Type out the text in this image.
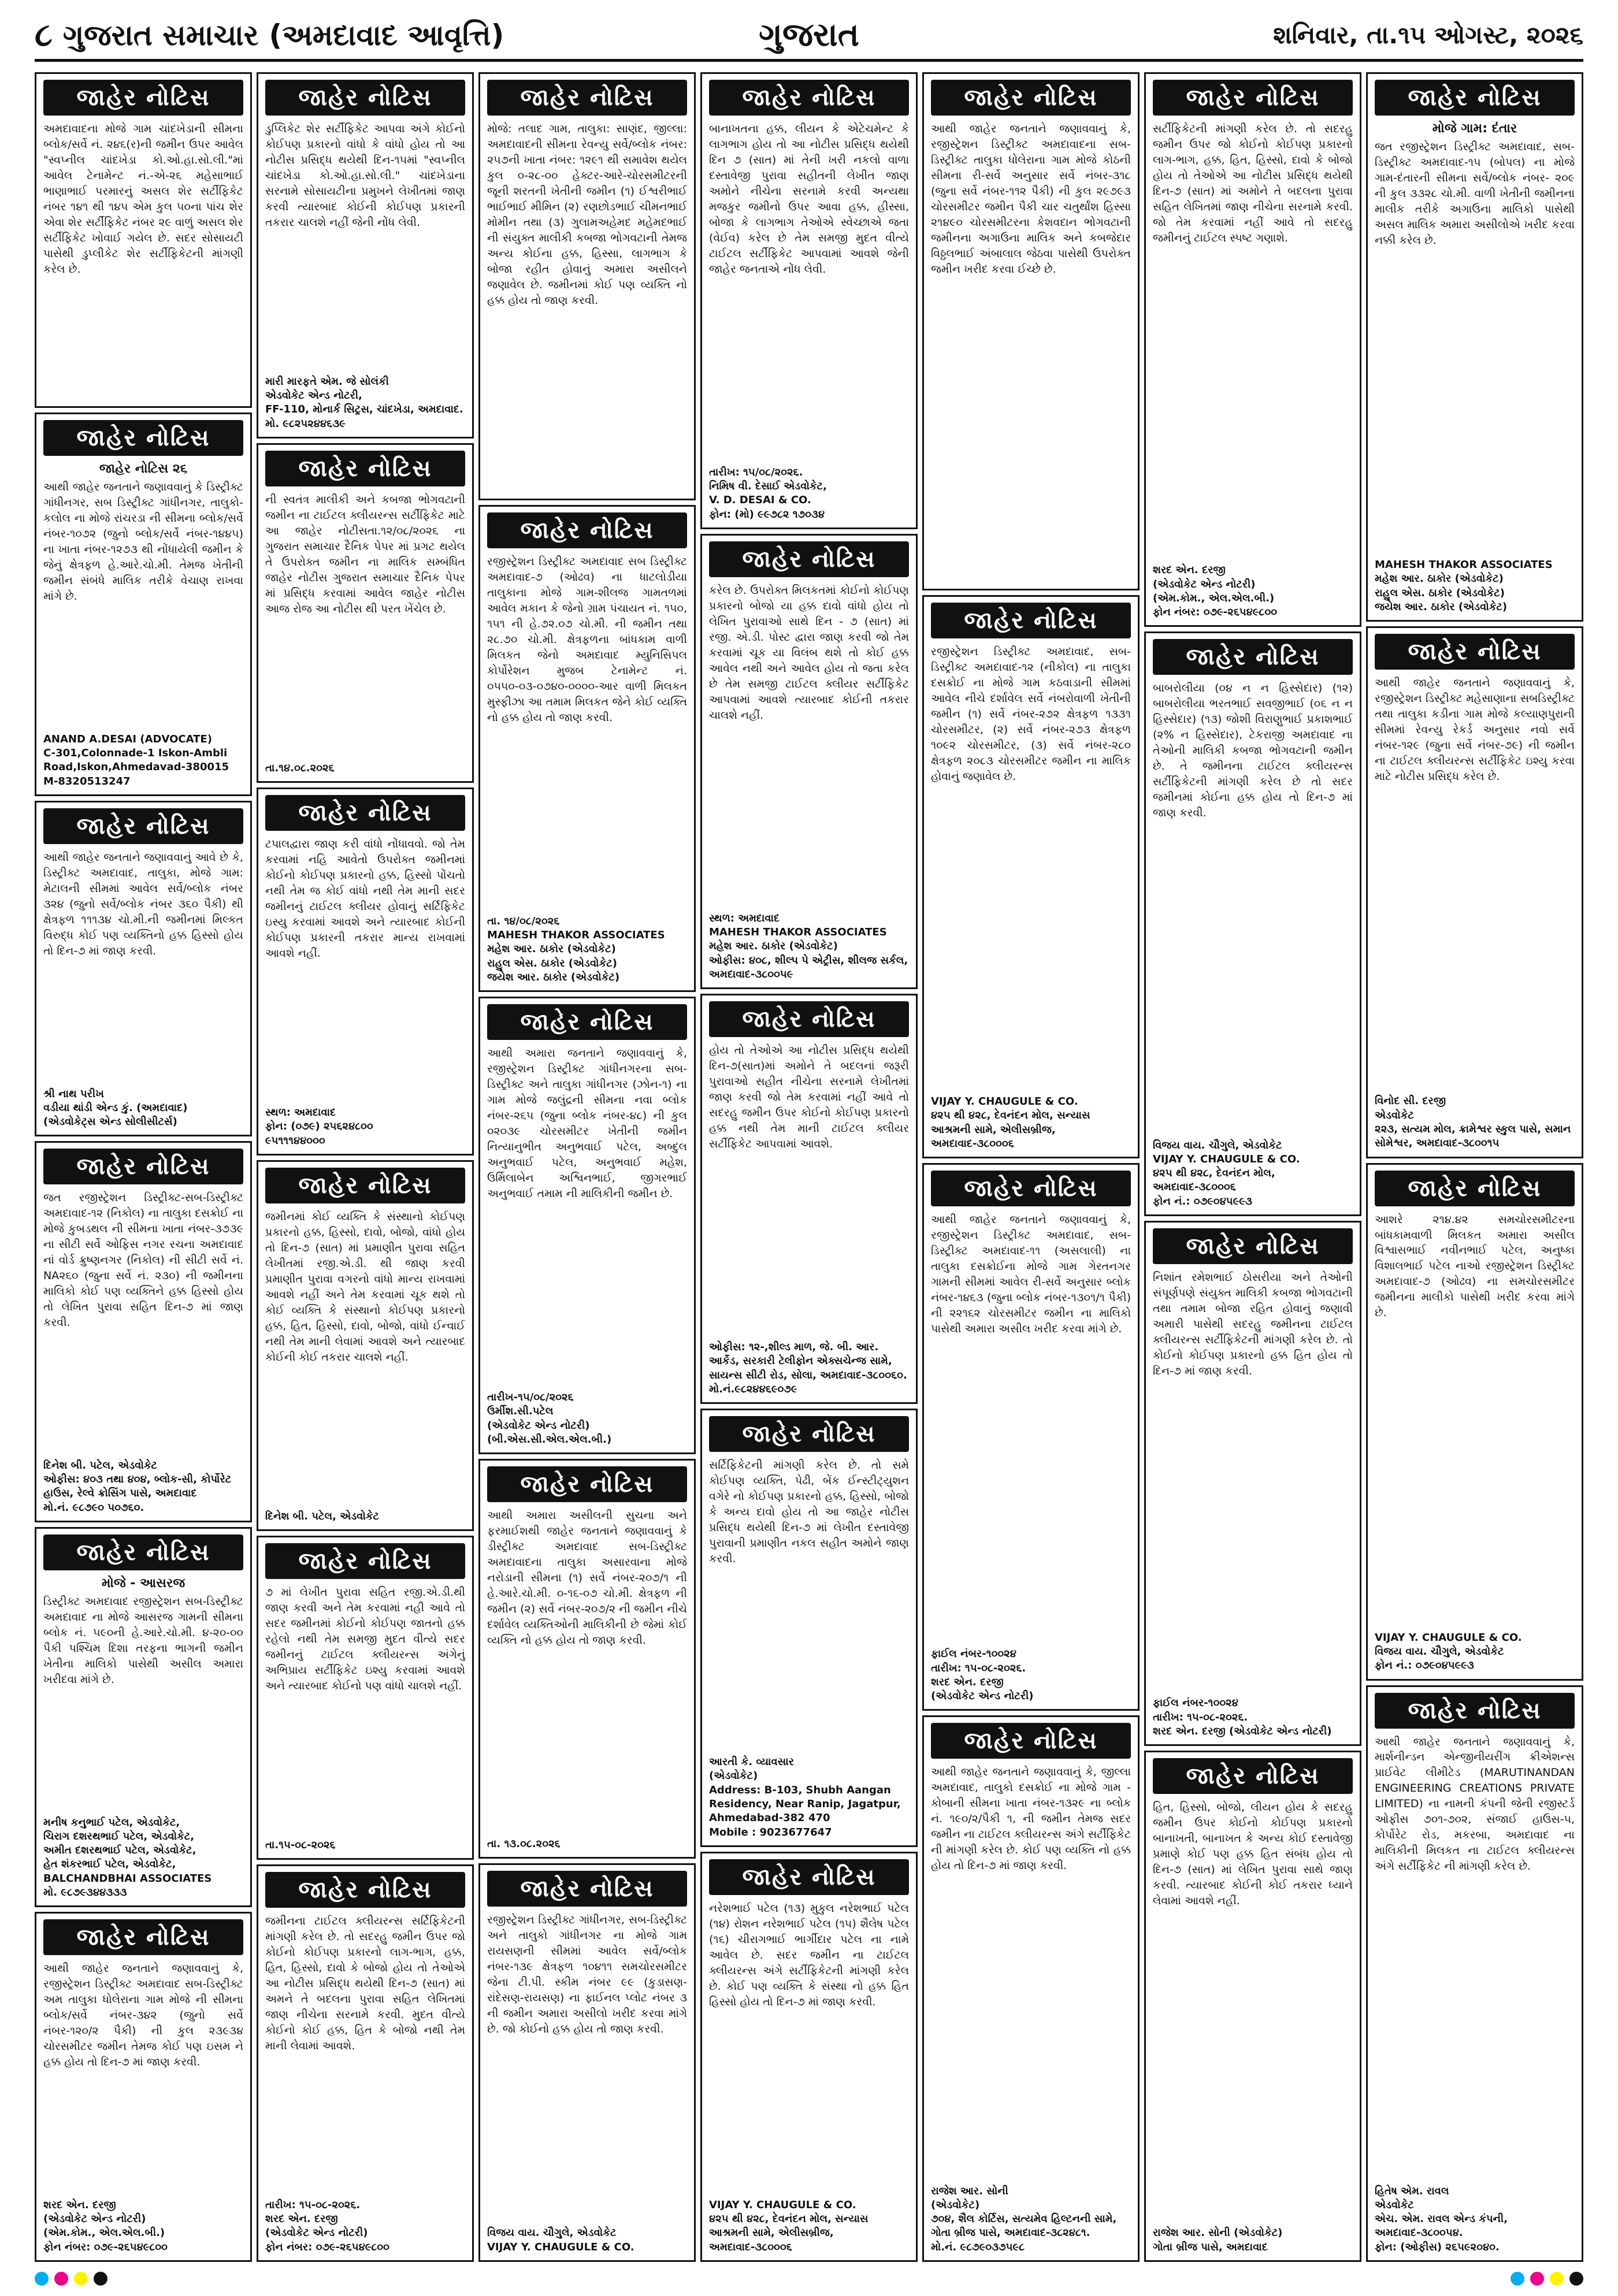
૮ ગુજરાત સમાચાર (અમદાવાદ આવૃત્તિ)	ગુજરાત	શનિવાર, તા.૧૫ ઓગસ્ટ, ૨૦૨૬
જાહેર નોટિસ
અમદાવાદના મોજે ગામ ચાંદખેડાની સીમના બ્લોક/સર્વે નં. ૨૪૬(ર)ની જમીન ઉપર આવેલ "સ્વપ્નીલ ચાંદખેડા કો.ઓ.હા.સો.લી."માં આવેલ ટેનામેન્ટ નં.-એ-૨૬ મહેસાભાઈ ભાણાભાઈ પરમારનું અસલ શેર સર્ટીફિકેટ નંબર ૧૪૧ થી ૧૪૫ એમ કુલ ૫૦ના પાંચ શેર એવા શેર સર્ટીફિકેટ નંબર ૨૯ વાળું અસલ શેર સર્ટીફિકેટ ખોવાઈ ગયેલ છે. સદર સોસાયટી પાસેથી ડુપ્લીકેટ શેર સર્ટીફિકેટની માંગણી કરેલ છે.
જાહેર નોટિસ
જાહેર નોટિસ ૨૬
આથી જાહેર જનતાને જણાવવાનું કે ડિસ્ટ્રીક્ટ ગાંધીનગર, સબ ડિસ્ટ્રીક્ટ ગાંધીનગર, તાલુકો-કલોલ ના મોજે રાંચરડા ની સીમના બ્લોક/સર્વે નંબર-૧૦૭૨ (જુનો બ્લોક/સર્વે નંબર-૧૪૪૫) ના ખાતા નંબર-૧૨૭૩ થી નોંધાયેલી જમીન કે જેનું ક્ષેત્રફળ હે.આરે.ચો.મી. તેમજ ખેતીની જમીન સંબંધે માલિક તરીકે વેચાણ રાખવા માંગે છે.
ANAND A.DESAI (ADVOCATE)
C-301,Colonnade-1 Iskon-Ambli Road,Iskon,Ahmedavad-380015
M-8320513247
જાહેર નોટિસ
આથી જાહેર જનતાને જણાવવાનું આવે છે કે, ડિસ્ટ્રીક્ટ અમદાવાદ, તાલુકા, મોજે ગામ: મેટાલની સીમમાં આવેલ સર્વે/બ્લોક નંબર ૩૨૪ (જુનો સર્વે/બ્લોક નંબર ૩૬૦ પૈકી) થી ક્ષેત્રફળ ૧૧૧૩૪ ચો.મી.ની જમીનમાં મિલ્કત વિરુદ્ધ કોઈ પણ વ્યક્તિનો હક્ક હિસ્સો હોય તો દિન-૭ માં જાણ કરવી.
શ્રી નાથ પરીખ
વડીયા થાંડી એન્ડ કું. (અમદાવાદ)
(એડવોકેટ્સ એન્ડ સોલીસીટર્સ)
જાહેર નોટિસ
જત રજીસ્ટ્રેશન ડિસ્ટ્રીક્ટ-સબ-ડિસ્ટ્રીક્ટ અમદાવાદ-૧૨ (નિકોલ) ના તાલુકા દસક્રોઈ ના મોજે કુબડથલ ની સીમના ખાતા નંબર-૩૭૩૯ ના સીટી સર્વે ઓફિસ નગર રચના અમદાવાદ નાં વોર્ડ ક્રુષ્ણનગર (નિકોલ) ની સીટી સર્વે નં. NA૨૬૦ (જુના સર્વે નં. ૨૩૦) ની જમીનના માલિકો કોઈ પણ વ્યક્તિને હક્ક હિસ્સો હોય તો લેખિત પુરાવા સહિત દિન-૭ માં જાણ કરવી.
દિનેશ બી. પટેલ, એડવોકેટ
ઓફીસ: ૪૦૩ તથા ૪૦૪, બ્લોક-સી, કોર્પોરેટ હાઉસ, રેલ્વે ક્રોસિંગ પાસે, અમદાવાદ
મો.નં. ૯૮૭૯૦ ૫૦૭૬૦.
જાહેર નોટિસ
મોજે - આસરજ
ડિસ્ટ્રીક્ટ અમદાવાદ રજીસ્ટ્રેશન સબ-ડિસ્ટ્રીક્ટ અમદાવાદ ના મોજે આસરજ ગામની સીમના બ્લોક નં. ૫૯૦ની હે.આરે.ચો.મી. ૪-૨૦-૦૦ પૈકી પશ્ચિમ દિશા તરફના ભાગની જમીન ખેતીના માલિકો પાસેથી અસીલ અમારા ખરીદવા માંગે છે.
મનીષ કનુભાઈ પટેલ, એડવોકેટ,
ચિરાગ દશરથભાઈ પટેલ, એડવોકેટ,
અમીત દશરથભાઈ પટેલ, એડવોકેટ,
હેત શંકરભાઈ પટેલ, એડવોકેટ,
BALCHANDBHAI ASSOCIATES
મો. ૯૮૭૯૩૪૪૩૩૩
જાહેર નોટિસ
આથી જાહેર જનતાને જણાવવાનું કે, રજીસ્ટ્રેશન ડિસ્ટ્રીક્ટ અમદાવાદ સબ-ડિસ્ટ્રીક્ટ અમ તાલુકા ધોલેરાના ગામ મોજે ની સીમના બ્લોક/સર્વે નંબર-૩૪૨ (જુનો સર્વે નંબર-૧૨૦/૨ પૈકી) ની કુલ ૨૩૯૩૪ ચોરસમીટર જમીન તેમજ કોઈ પણ ઇસમ ને હક્ક હોય તો દિન-૭ માં જાણ કરવી.
શરદ એન. દરજી
(એડવોકેટ એન્ડ નોટરી)
(એમ.કોમ., એલ.એલ.બી.)
ફોન નંબર: ૦૭૯-૨૬૫૪૯૮૦૦
જાહેર નોટિસ
ડુપ્લિકેટ શેર સર્ટીફિકેટ આપવા અંગે કોઈનો કોઈપણ પ્રકારનો વાંધો કે વાંધો હોય તો આ નોટીસ પ્રસિદ્ધ થયેથી દિન-૧૫માં "સ્વપ્નીલ ચાંદખેડા કો.ઓ.હા.સો.લી." ચાંદખેડાના સરનામે સોસાયટીના પ્રમુખને લેખીતમાં જાણ કરવી ત્યારબાદ કોઈની કોઈપણ પ્રકારની તકરાર ચાલશે નહીં જેની નોંધ લેવી.
મારી મારફતે એમ. જે સોલંકી
એડવોકેટ એન્ડ નોટરી,
FF-110, મોનાર્ક સિટ્રસ, ચાંદખેડા, અમદાવાદ. મો. ૯૮૨૫૨૪૪૬૩૯
જાહેર નોટિસ
ની સ્વતંત્ર માલીકી અને કબજા ભોગવટાની જમીન ના ટાઈટલ ક્લીયરન્સ સર્ટીફિકેટ માટે આ જાહેર નોટીસતા.૧૨/૦૮/૨૦૨૬ ના ગુજરાત સમાચાર દૈનિક પેપર માં પ્રગટ થયેલ તે ઉપરોક્ત જમીન ના માલિક સમ્બંધિત જાહેર નોટીસ ગુજરાત સમાચાર દૈનિક પેપર માં પ્રસિદ્ધ કરવામાં આવેલ જાહેર નોટીસ આજ રોજ આ નોટીસ થી પરત ખેંચેલ છે.
તા.૧૪.૦૮.૨૦૨૬
જાહેર નોટિસ
ટપાલદ્વારા જાણ કરી વાંધો નોંધાવવો. જો તેમ કરવામાં નહિ આવેતો ઉપરોક્ત જમીનમાં કોઈનો કોઈપણ પ્રકારનો હક્ક, હિસ્સો પોંચતો નથી તેમ જ કોઈ વાંધો નથી તેમ માની સદર જમીનનું ટાઈટલ ક્લીયર હોવાનું સર્ટિફિકેટ ઇસ્યુ કરવામાં આવશે અને ત્યારબાદ કોઈની કોઈપણ પ્રકારની તકરાર માન્ય રાખવામાં આવશે નહીં.
સ્થળ: અમદાવાદ
ફોન: (૦૭૯) ૨૫૬૨૪૮૦૦
૯૫૧૧૧૪૪૦૦૦
જાહેર નોટિસ
જમીનમાં કોઈ વ્યક્તિ કે સંસ્થાનો કોઈપણ પ્રકારનો હક્ક, હિસ્સો, દાવો, બોજો, વાંધો હોય તો દિન-૭ (સાત) માં પ્રમાણીત પુરાવા સહિત લેખીતમાં રજી.એ.ડી. થી જાણ કરવી પ્રમાણીત પુરાવા વગરનો વાંધો માન્ય રાખવામાં આવશે નહીં અને તેમ કરવામાં ચૂક થશે તો કોઈ વ્યક્તિ કે સંસ્થાનો કોઈપણ પ્રકારનો હક્ક, હિત, હિસ્સો, દાવો, બોજો, વાંધો ઈન્વાઈ નથી તેમ માની લેવામાં આવશે અને ત્યારબાદ કોઈની કોઈ તકરાર ચાલશે નહીં.
દિનેશ બી. પટેલ, એડવોકેટ
જાહેર નોટિસ
૭ માં લેખીત પુરાવા સહિત રજી.એ.ડી.થી જાણ કરવી અને તેમ કરવામાં નહી આવે તો સદર જમીનમાં કોઈનો કોઈપણ જાતનો હક્ક રહેલો નથી તેમ સમજી મુદત વીત્યે સદર જમીનનું ટાઈટલ ક્લીયરન્સ અંગેનું અભિપ્રાય સર્ટીફિકેટ ઇશ્યુ કરવામાં આવશે અને ત્યારબાદ કોઈનો પણ વાંધો ચાલશે નહીં.
તા.૧૫-૦૮-૨૦૨૬
જાહેર નોટિસ
જમીનના ટાઈટલ ક્લીયરન્સ સર્ટિફિકેટની માંગણી કરેલ છે. તો સદરહુ જમીન ઉપર જો કોઈનો કોઈપણ પ્રકારનો લાગ-ભાગ, હક્ક, હિત, હિસ્સો, દાવો કે બોજો હોય તો તેઓએ આ નોટીસ પ્રસિદ્ધ થયેથી દિન-૭ (સાત) માં અમને તે બદલના પુરાવા સહિત લેખિતમાં જાણ નીચેના સરનામે કરવી. મુદત વીત્યે કોઈનો કોઈ હક્ક, હિત કે બોજો નથી તેમ માની લેવામાં આવશે.
તારીખ: ૧૫-૦૮-૨૦૨૬.
શરદ એન. દરજી
(એડવોકેટ એન્ડ નોટરી)
ફોન નંબર: ૦૭૯-૨૬૫૪૯૮૦૦
જાહેર નોટિસ
મોજે: તલાદ ગામ, તાલુકા: સાણંદ, જીલ્લા: અમદાવાદની સીમના રેવન્યુ સર્વે/બ્લોક નંબર: ૨૫૭ની ખાતા નંબર: ૧૨૯૧ થી સમાવેશ થયેલ કુલ ૦-૨૮-૦૦ હેક્ટર-આરે-ચોરસમીટરની જૂની શરતની ખેતીની જમીન (૧) ઈશ્વરીભાઈ ભાઈભાઈ મીમિન (૨) રણછોડભાઈ ચીમનભાઈ મોમીન તથા (૩) ગુલામઅહેમદ મહેમદભાઈ ની સંયુક્ત માલીકી કબજા ભોગવટાની તેમજ અન્ય કોઈના હક્ક, હિસ્સા, લાગભાગ કે બોજા રહીત હોવાનું અમારા અસીલને જણાવેલ છે. જમીનમાં કોઈ પણ વ્યક્તિ નો હક્ક હોય તો જાણ કરવી.
જાહેર નોટિસ
રજીસ્ટ્રેશન ડિસ્ટ્રીક્ટ અમદાવાદ સબ ડિસ્ટ્રીક્ટ અમદાવાદ-૭ (ઓઢવ) ના ધાટલોડીયા તાલુકાના મોજે ગામ-શીલજ ગામતળમાં આવેલ મકાન કે જેનો ગ્રામ પંચાયત નં. ૧૫૦, ૧૫૧ ની હે.૭૨.૦૭ ચો.મી. ની જમીન તથા ૨૮.૭૦ ચો.મી. ક્ષેત્રફળના બાંધકામ વાળી મિલકત જેનો અમદાવાદ મ્યુનિસિપલ કોર્પોરેશન મુજબ ટેનામેન્ટ નં. ૦૫૫૦-૦૩-૦૭૪૦-૦૦૦૦-આર વાળી મિલકત મુસ્ફીઝા આ તમામ મિલકત જેને કોઈ વ્યક્તિ નો હક્ક હોય તો જાણ કરવી.
તા. ૧૪/૦૮/૨૦૨૬
MAHESH THAKOR ASSOCIATES
મહેશ આર. ઠાકોર (એડવોકેટ)
રાહુલ એસ. ઠાકોર (એડવોકેટ)
જયેશ આર. ઠાકોર (એડવોકેટ)
જાહેર નોટિસ
આથી અમારા જનતાને જણાવવાનું કે, રજીસ્ટ્રેશન ડિસ્ટ્રીક્ટ ગાંધીનગરના સબ-ડિસ્ટ્રીક્ટ અને તાલુકા ગાંધીનગર (ઝોન-૧) ના ગામ મોજે જલુંદ્રની સીમના નવા બ્લોક નંબર-૨૬૫ (જુના બ્લોક નંબર-૪૮) ની કુલ ૦૨૦૩૯ ચોરસમીટર ખેતીની જમીન નિત્યાનુભીત અનુભવાઈ પટેલ, અબ્દુલ અનુભવાઈ પટેલ, અનુભવાઈ મહેશ, ઉર્મિલાબેન અશ્વિનભાઈ, જીગરભાઈ અનુભવાઈ તમામ ની માલિકીની જમીન છે.
તારીખ-૧૫/૦૮/૨૦૨૬
ઉર્મીશ.સી.પટેલ
(એડવોકેટ એન્ડ નોટરી)
(બી.એસ.સી.એલ.એલ.બી.)
જાહેર નોટિસ
આથી અમારા અસીલની સુચના અને ફરમાઈશથી જાહેર જનતાને જણાવવાનું કે ડીસ્ટ્રીક્ટ અમદાવાદ સબ-ડિસ્ટ્રીક્ટ અમદાવાદના તાલુકા અસારવાના મોજે નરોડાની સીમના (૧) સર્વે નંબર-૨૦૭/૧ ની હે.આરે.ચો.મી. ૦-૧૬-૦૭ ચો.મી. ક્ષેત્રફળ ની જમીન (૨) સર્વે નંબર-૨૦૭/૨ ની જમીન નીચે દર્શાવેલ વ્યક્તિઓની માલિકીની છે જેમાં કોઈ વ્યક્તિ નો હક્ક હોય તો જાણ કરવી.
તા. ૧૩.૦૮.૨૦૨૬
જાહેર નોટિસ
રજીસ્ટ્રેશન ડિસ્ટ્રીક્ટ ગાંધીનગર, સબ-ડિસ્ટ્રીક્ટ અને તાલુકો ગાંધીનગર ના મોજે ગામ રાયસણની સીમમાં આવેલ સર્વે/બ્લોક નંબર-૧૩૯ ક્ષેત્રફળ ૧૦૪૧૧ સમચોરસમીટર જેના ટી.પી. સ્કીમ નંબર ૯૯ (કુડાસણ-રાંદેસણ-રાયસણ) ના ફાઈનલ પ્લોટ નંબર ૩ ની જમીન અમારા અસીલો ખરીદ કરવા માંગે છે. જો કોઈનો હક્ક હોય તો જાણ કરવી.
વિજય વાય. ચૌગુલે, એડવોકેટ
VIJAY Y. CHAUGULE & CO.
જાહેર નોટિસ
બાનાખતના હક્ક, લીયન કે એટેચમેન્ટ કે લાગભાગ હોય તો આ નોટીસ પ્રસિદ્ધ થયેથી દિન ૭ (સાત) માં તેની ખરી નકલો વાળા દસ્તાવેજી પુરાવા સહીતની લેખીત જાણ અમોને નીચેના સરનામે કરવી અન્યથા મજકુર જમીનો ઉપર આવા હક્ક, હીસ્સા, બોજા કે લાગભાગ તેઓએ સ્વેચ્છાએ જતા (વેઈવ) કરેલ છે તેમ સમજી મુદત વીત્યે ટાઈટલ સર્ટીફિકેટ આપવામાં આવશે જેની જાહેર જનતાએ નોંધ લેવી.
તારીખ: ૧૫/૦૮/૨૦૨૬.
નિમિષ વી. દેસાઈ એડવોકેટ,
V. D. DESAI & CO.
ફોન: (મો) ૯૯૭૮૨ ૧૭૦૩૪
જાહેર નોટિસ
કરેલ છે. ઉપરોક્ત મિલકતમાં કોઈનો કોઈપણ પ્રકારનો બોજો યા હક્ક દાવો વાંધો હોય તો લેખિત પુરાવાઓ સાથે દિન - ૭ (સાત) માં રજી. એ.ડી. પોસ્ટ દ્વારા જાણ કરવી જો તેમ કરવામાં ચૂક યા વિલંબ થશે તો કોઈ હક્ક આવેલ નથી અને આવેલ હોય તો જતા કરેલ છે તેમ સમજી ટાઈટલ ક્લીયર સર્ટીફિકેટ આપવામાં આવશે ત્યારબાદ કોઈની તકરાર ચાલશે નહીં.
સ્થળ: અમદાવાદ
MAHESH THAKOR ASSOCIATES
મહેશ આર. ઠાકોર (એડવોકેટ)
ઓફીસ: ૪૦૮, શીલ્પ પે એટ્રીસ, શીલજ સર્કલ, અમદાવાદ-૩૮૦૦૫૯
જાહેર નોટિસ
હોય તો તેઓએ આ નોટીસ પ્રસિદ્ધ થયેથી દિન-૭(સાત)માં અમોને તે બદલનાં જરૂરી પુરાવાઓ સહીત નીચેના સરનામે લેખીતમાં જાણ કરવી જો તેમ કરવામાં નહીં આવે તો સદરહુ જમીન ઉપર કોઈનો કોઈપણ પ્રકારનો હક્ક નથી તેમ માની ટાઈટલ ક્લીયર સર્ટીફિકેટ આપવામાં આવશે.
ઓફીસ: ૧૨-,શીલ્ડ માળ, જે. બી. આર. આર્કેડ, સરકારી ટેલીફોન એક્સચેન્જ સામે, સાયન્સ સીટી રોડ, સોલા, અમદાવાદ-૩૮૦૦૬૦.
મો.નં.૯૮૨૪૪૬૯૦૭૯
જાહેર નોટિસ
સર્ટિફિકેટની માંગણી કરેલ છે. તો સમે કોઈપણ વ્યક્તિ, પેઢી, બેંક ઈન્સ્ટીટ્યુશન વગેરે નો કોઈપણ પ્રકારનો હક્ક, હિસ્સો, બોજો કે અન્ય દાવો હોય તો આ જાહેર નોટીસ પ્રસિદ્ધ થયેથી દિન-૭ માં લેખીત દસ્તાવેજી પુરાવાની પ્રમાણીત નકલ સહીત અમોને જાણ કરવી.
આરતી કે. વ્યાવસાર
(એડવોકેટ)
Address: B-103, Shubh Aangan Residency, Near Ranip, Jagatpur, Ahmedabad-382 470
Mobile : 9023677647
જાહેર નોટિસ
નરેશભાઈ પટેલ (૧૩) મુકુલ નરેશભાઈ પટેલ (૧૪) રોશન નરેશભાઈ પટેલ (૧૫) શૈલેષ પટેલ (૧૬) ચીરાગભાઈ ભાર્ગીદાર પટેલ ના નામે આવેલ છે. સદર જમીન ના ટાઈટલ ક્લીયરન્સ અંગે સર્ટીફિકેટની માંગણી કરેલ છે. કોઈ પણ વ્યક્તિ કે સંસ્થા નો હક્ક હિત હિસ્સો હોય તો દિન-૭ માં જાણ કરવી.
VIJAY Y. CHAUGULE & CO.
૪૨૫ થી ૪૨૮, દેવનંદન મોલ, સન્યાસ આશ્રમની સામે, એલીસબ્રીજ, અમદાવાદ-૩૮૦૦૦૬
જાહેર નોટિસ
આથી જાહેર જનતાને જણાવવાનું કે, રજીસ્ટ્રેશન ડિસ્ટ્રીક્ટ અમદાવાદના સબ-ડિસ્ટ્રીક્ટ તાલુકા ધોલેરાના ગામ મોજે કોઠની સીમના રી-સર્વે અનુસાર સર્વે નંબર-૩૧૮ (જુના સર્વે નંબર-૧૧૨ પૈકી) ની કુલ ૨૯૭૯૩ ચોરસમીટર જમીન પૈકી ચાર ચતુર્થાંશ હિસ્સા ૨૧૪૯૦ ચોરસમીટરના કેશવદાન ભોગવટાની જમીનના અગાઉના માલિક અને કબજેદાર વિઠ્ઠલભાઈ અંબાલાલ જેઠવા પાસેથી ઉપરોક્ત જમીન ખરીદ કરવા ઈચ્છે છે.
જાહેર નોટિસ
રજીસ્ટ્રેશન ડિસ્ટ્રીક્ટ અમદાવાદ, સબ-ડિસ્ટ્રીક્ટ અમદાવાદ-૧૨ (નીકોલ) ના તાલુકા દસક્રોઈ ના મોજે ગામ કઠવાડાની સીમમાં આવેલ નીચે દર્શાવેલ સર્વે નંબરોવાળી ખેતીની જમીન (૧) સર્વે નંબર-૨૭૨ ક્ષેત્રફળ ૧૩૩૧ ચોરસમીટર, (૨) સર્વે નંબર-૨૭૩ ક્ષેત્રફળ ૧૦૯૨ ચોરસમીટર, (૩) સર્વે નંબર-૨૮૦ ક્ષેત્રફળ ૨૦૮૩ ચોરસમીટર જમીન ના માલિક હોવાનું જણાવેલ છે.
VIJAY Y. CHAUGULE & CO.
૪૨૫ થી ૪૨૮, દેવનંદન મોલ, સન્યાસ આશ્રમની સામે, એલીસબ્રીજ, અમદાવાદ-૩૮૦૦૦૬
જાહેર નોટિસ
આથી જાહેર જનતાને જણાવવાનું કે, રજીસ્ટ્રેશન ડિસ્ટ્રીક્ટ અમદાવાદ, સબ-ડિસ્ટ્રીક્ટ અમદાવાદ-૧૧ (અસલાલી) ના તાલુકા દસક્રોઈના મોજે ગામ ગેરતનગર ગામની સીમમાં આવેલ રી-સર્વે અનુસાર બ્લોક નંબર-૧૪૬૩ (જુના બ્લોક નંબર-૧૩૦૧/૧ પૈકી) ની ૨૨૧૬૨ ચોરસમીટર જમીન ના માલિકો પાસેથી અમારા અસીલ ખરીદ કરવા માંગે છે.
ફાઈલ નંબર-૧૦૦૨૪
તારીખ: ૧૫-૦૮-૨૦૨૬.
શરદ એન. દરજી
(એડવોકેટ એન્ડ નોટરી)
જાહેર નોટિસ
આથી જાહેર જનતાને જણાવવાનું કે, જીલ્લા અમદાવાદ, તાલુકો દસક્રોઈ ના મોજે ગામ - કોબાની સીમના ખાતા નંબર-૧૩૨૯ ના બ્લોક નં. ૧૯૦/૨/પૈકી ૧, ની જમીન તેમજ સદર જમીન ના ટાઈટલ ક્લીયરન્સ અંગે સર્ટીફિકેટ ની માંગણી કરેલ છે. કોઈ પણ વ્યક્તિ નો હક્ક હોય તો દિન-૭ માં જાણ કરવી.
રાજેશ આર. સોની
(એડવોકેટ)
૭૦૪, શૈલ કોર્ટિસ, સત્યમેવ હિલ્ટનની સામે, ગોતા બ્રીજ પાસે, અમદાવાદ-૩૮૨૪૮૧.
મો.નં. ૯૮૭૯૦૩૭૫૯૮
જાહેર નોટિસ
સર્ટીફિકેટની માંગણી કરેલ છે. તો સદરહુ જમીન ઉપર જો કોઈનો કોઈપણ પ્રકારનો લાગ-ભાગ, હક્ક, હિત, હિસ્સો, દાવો કે બોજો હોય તો તેઓએ આ નોટીસ પ્રસિદ્ધ થયેથી દિન-૭ (સાત) માં અમોને તે બદલના પુરાવા સહિત લેખિતમાં જાણ નીચેના સરનામે કરવી. જો તેમ કરવામાં નહીં આવે તો સદરહુ જમીનનું ટાઈટલ સ્પષ્ટ ગણાશે.
શરદ એન. દરજી
(એડવોકેટ એન્ડ નોટરી)
(એમ.કોમ., એલ.એલ.બી.)
ફોન નંબર: ૦૭૯-૨૬૫૪૯૮૦૦
જાહેર નોટિસ
બાબરોલીયા (૦૪ ન ન હિસ્સેદાર) (૧૨) બાબરોલીયા ભરતભાઈ સવજીભાઈ (૦૬ ન ન હિસ્સેદાર) (૧૩) જોશી વિરાણુભાઈ પ્રકાશભાઈ (૨% ન હિસ્સેદાર), ટેકરાજી અમદાવાદ ના તેઓની માલિકી કબજા ભોગવટાની જમીન છે. તે જમીનના ટાઈટલ ક્લીયરન્સ સર્ટીફિકેટની માંગણી કરેલ છે તો સદર જમીનમાં કોઈના હક્ક હોય તો દિન-૭ માં જાણ કરવી.
વિજય વાય. ચૌગુલે, એડવોકેટ
VIJAY Y. CHAUGULE & CO.
૪૨૫ થી ૪૨૮, દેવનંદન મોલ, અમદાવાદ-૩૮૦૦૦૬
ફોન નં.: ૦૭૯૦૪૫૯૯૩
જાહેર નોટિસ
નિશાંત રમેશભાઈ ઠોસરીયા અને તેઓની સંપૂર્ણપણે સંયુક્ત માલિકી કબજા ભોગવટાની તથા તમામ બોજા રહિત હોવાનું જણાવી અમારી પાસેથી સદરહુ જમીનના ટાઈટલ ક્લીયરન્સ સર્ટીફિકેટની માંગણી કરેલ છે. તો કોઈનો કોઈપણ પ્રકારનો હક્ક હિત હોય તો દિન-૭ માં જાણ કરવી.
ફાઈલ નંબર-૧૦૦૨૪
તારીખ: ૧૫-૦૮-૨૦૨૬.
શરદ એન. દરજી (એડવોકેટ એન્ડ નોટરી)
જાહેર નોટિસ
હિત, હિસ્સો, બોજો, લીયન હોય કે સદરહુ જમીન ઉપર કોઈનો કોઈપણ પ્રકારનો બાનાખતી, બાનાખત કે અન્ય કોઈ દસ્તાવેજી પ્રમાણે કોઈ પણ હક્ક હિત સંબંધ હોય તો દિન-૭ (સાત) માં લેખિત પુરાવા સાથે જાણ કરવી. ત્યારબાદ કોઈની કોઈ તકરાર ધ્યાને લેવામાં આવશે નહીં.
રાજેશ આર. સોની (એડવોકેટ)
ગોતા બ્રીજ પાસે, અમદાવાદ
જાહેર નોટિસ
મોજે ગામ: દંતાર
જત રજીસ્ટ્રેશન ડિસ્ટ્રીક્ટ અમદાવાદ, સબ-ડિસ્ટ્રીક્ટ અમદાવાદ-૧૫ (બોપલ) ના મોજે ગામ-દંતારની સીમના સર્વે/બ્લોક નંબર- ૨૦૯ ની કુલ ૩૩૨૮ ચો.મી. વાળી ખેતીની જમીનના માલીક તરીકે અગાઉના માલિકો પાસેથી અસલ માલિક અમારા અસીલોએ ખરીદ કરવા નક્કી કરેલ છે.
MAHESH THAKOR ASSOCIATES
મહેશ આર. ઠાકોર (એડવોકેટ)
રાહુલ એસ. ઠાકોર (એડવોકેટ)
જયેશ આર. ઠાકોર (એડવોકેટ)
જાહેર નોટિસ
આથી જાહેર જનતાને જણાવવાનું કે, રજીસ્ટ્રેશન ડિસ્ટ્રીક્ટ મહેસાણાના સબડિસ્ટ્રીક્ટ તથા તાલુકા કડીના ગામ મોજે કલ્યાણપુરાની સીમમાં રેવન્યુ રેકર્ડ અનુસાર નવો સર્વે નંબર-૧૨૯ (જુના સર્વે નંબર-૭૯) ની જમીન ના ટાઈટલ ક્લીયરન્સ સર્ટીફિકેટ ઇશ્યુ કરવા માટે નોટીસ પ્રસિદ્ધ કરેલ છે.
વિનોદ સી. દરજી
એડવોકેટ
૨૨૩, સત્યમ મોલ, ક્રામેશ્વર સ્કુલ પાસે, સમાન સોમેશ્વર, અમદાવાદ-૩૮૦૦૧૫
જાહેર નોટિસ
આશરે ૨૧૪.૪૨ સમચોરસમીટરના બાંધકામવાળી મિલકત અમારા અસીલ વિશ્વાસભાઈ નવીનભાઈ પટેલ, અનુષ્કા વિશાલભાઈ પટેલ નાઓ રજીસ્ટ્રેશન ડિસ્ટ્રીક્ટ અમદાવાદ-૭ (ઓઢવ) ના સમચોરસમીટર જમીનના માલીકો પાસેથી ખરીદ કરવા માંગે છે.
VIJAY Y. CHAUGULE & CO.
વિજય વાય. ચૌગુલે, એડવોકેટ
ફોન નં.: ૦૭૯૦૪૫૯૯૩
જાહેર નોટિસ
આથી જાહેર જનતાને જણાવવાનું કે, માર્શનીન્ડન એન્જીનીયરીંગ ક્રીએશન્સ પ્રાઈવેટ લીમીટેડ (MARUTINANDAN ENGINEERING CREATIONS PRIVATE LIMITED) ના નામની કંપની જેની રજીસ્ટર્ડ ઓફીસ ૭૦૧-૭૦૨, સંજાઈ હાઉસ-૫, કોર્પોરેટ રોડ, મકરબા, અમદાવાદ ના માલિકીની મિલકત ના ટાઈટલ ક્લીયરન્સ અંગે સર્ટીફિકેટ ની માંગણી કરેલ છે.
હિતેષ એમ. રાવલ
એડવોકેટ
એચ. એમ. રાવલ એન્ડ કંપની,
અમદાવાદ-૩૮૦૦૫૪.
ફોન: (ઓફીસ) ૨૬૫૯૨૦૪૦.
